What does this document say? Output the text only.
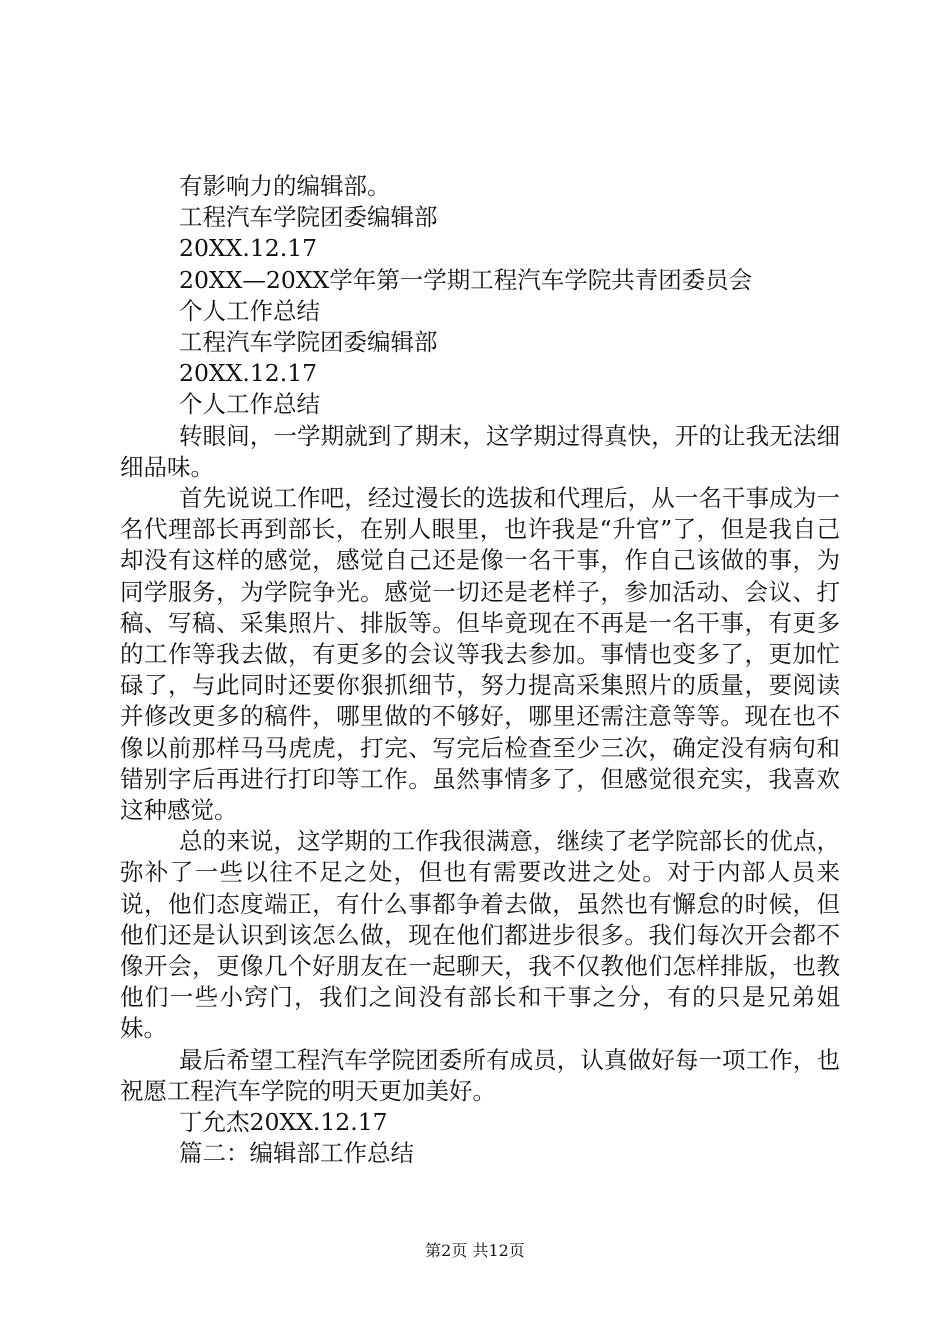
有影响力的编辑部。
工程汽车学院团委编辑部
20XX.12.17
20XX—20XX学年第一学期工程汽车学院共青团委员会
个人工作总结
工程汽车学院团委编辑部
20XX.12.17
个人工作总结
转眼间，一学期就到了期末，这学期过得真快，开的让我无法细细品味。
首先说说工作吧，经过漫长的选拔和代理后，从一名干事成为一名代理部长再到部长，在别人眼里，也许我是“升官”了，但是我自己却没有这样的感觉，感觉自己还是像一名干事，作自己该做的事，为同学服务，为学院争光。感觉一切还是老样子，参加活动、会议、打稿、写稿、采集照片、排版等。但毕竟现在不再是一名干事，有更多的工作等我去做，有更多的会议等我去参加。事情也变多了，更加忙碌了，与此同时还要你狠抓细节，努力提高采集照片的质量，要阅读并修改更多的稿件，哪里做的不够好，哪里还需注意等等。现在也不像以前那样马马虎虎，打完、写完后检查至少三次，确定没有病句和错别字后再进行打印等工作。虽然事情多了，但感觉很充实，我喜欢这种感觉。
总的来说，这学期的工作我很满意，继续了老学院部长的优点，弥补了一些以往不足之处，但也有需要改进之处。对于内部人员来说，他们态度端正，有什么事都争着去做，虽然也有懈怠的时候，但他们还是认识到该怎么做，现在他们都进步很多。我们每次开会都不像开会，更像几个好朋友在一起聊天，我不仅教他们怎样排版，也教他们一些小窍门，我们之间没有部长和干事之分，有的只是兄弟姐妹。
最后希望工程汽车学院团委所有成员，认真做好每一项工作，也祝愿工程汽车学院的明天更加美好。
丁允杰20XX.12.17
篇二：编辑部工作总结
第2页 共12页
